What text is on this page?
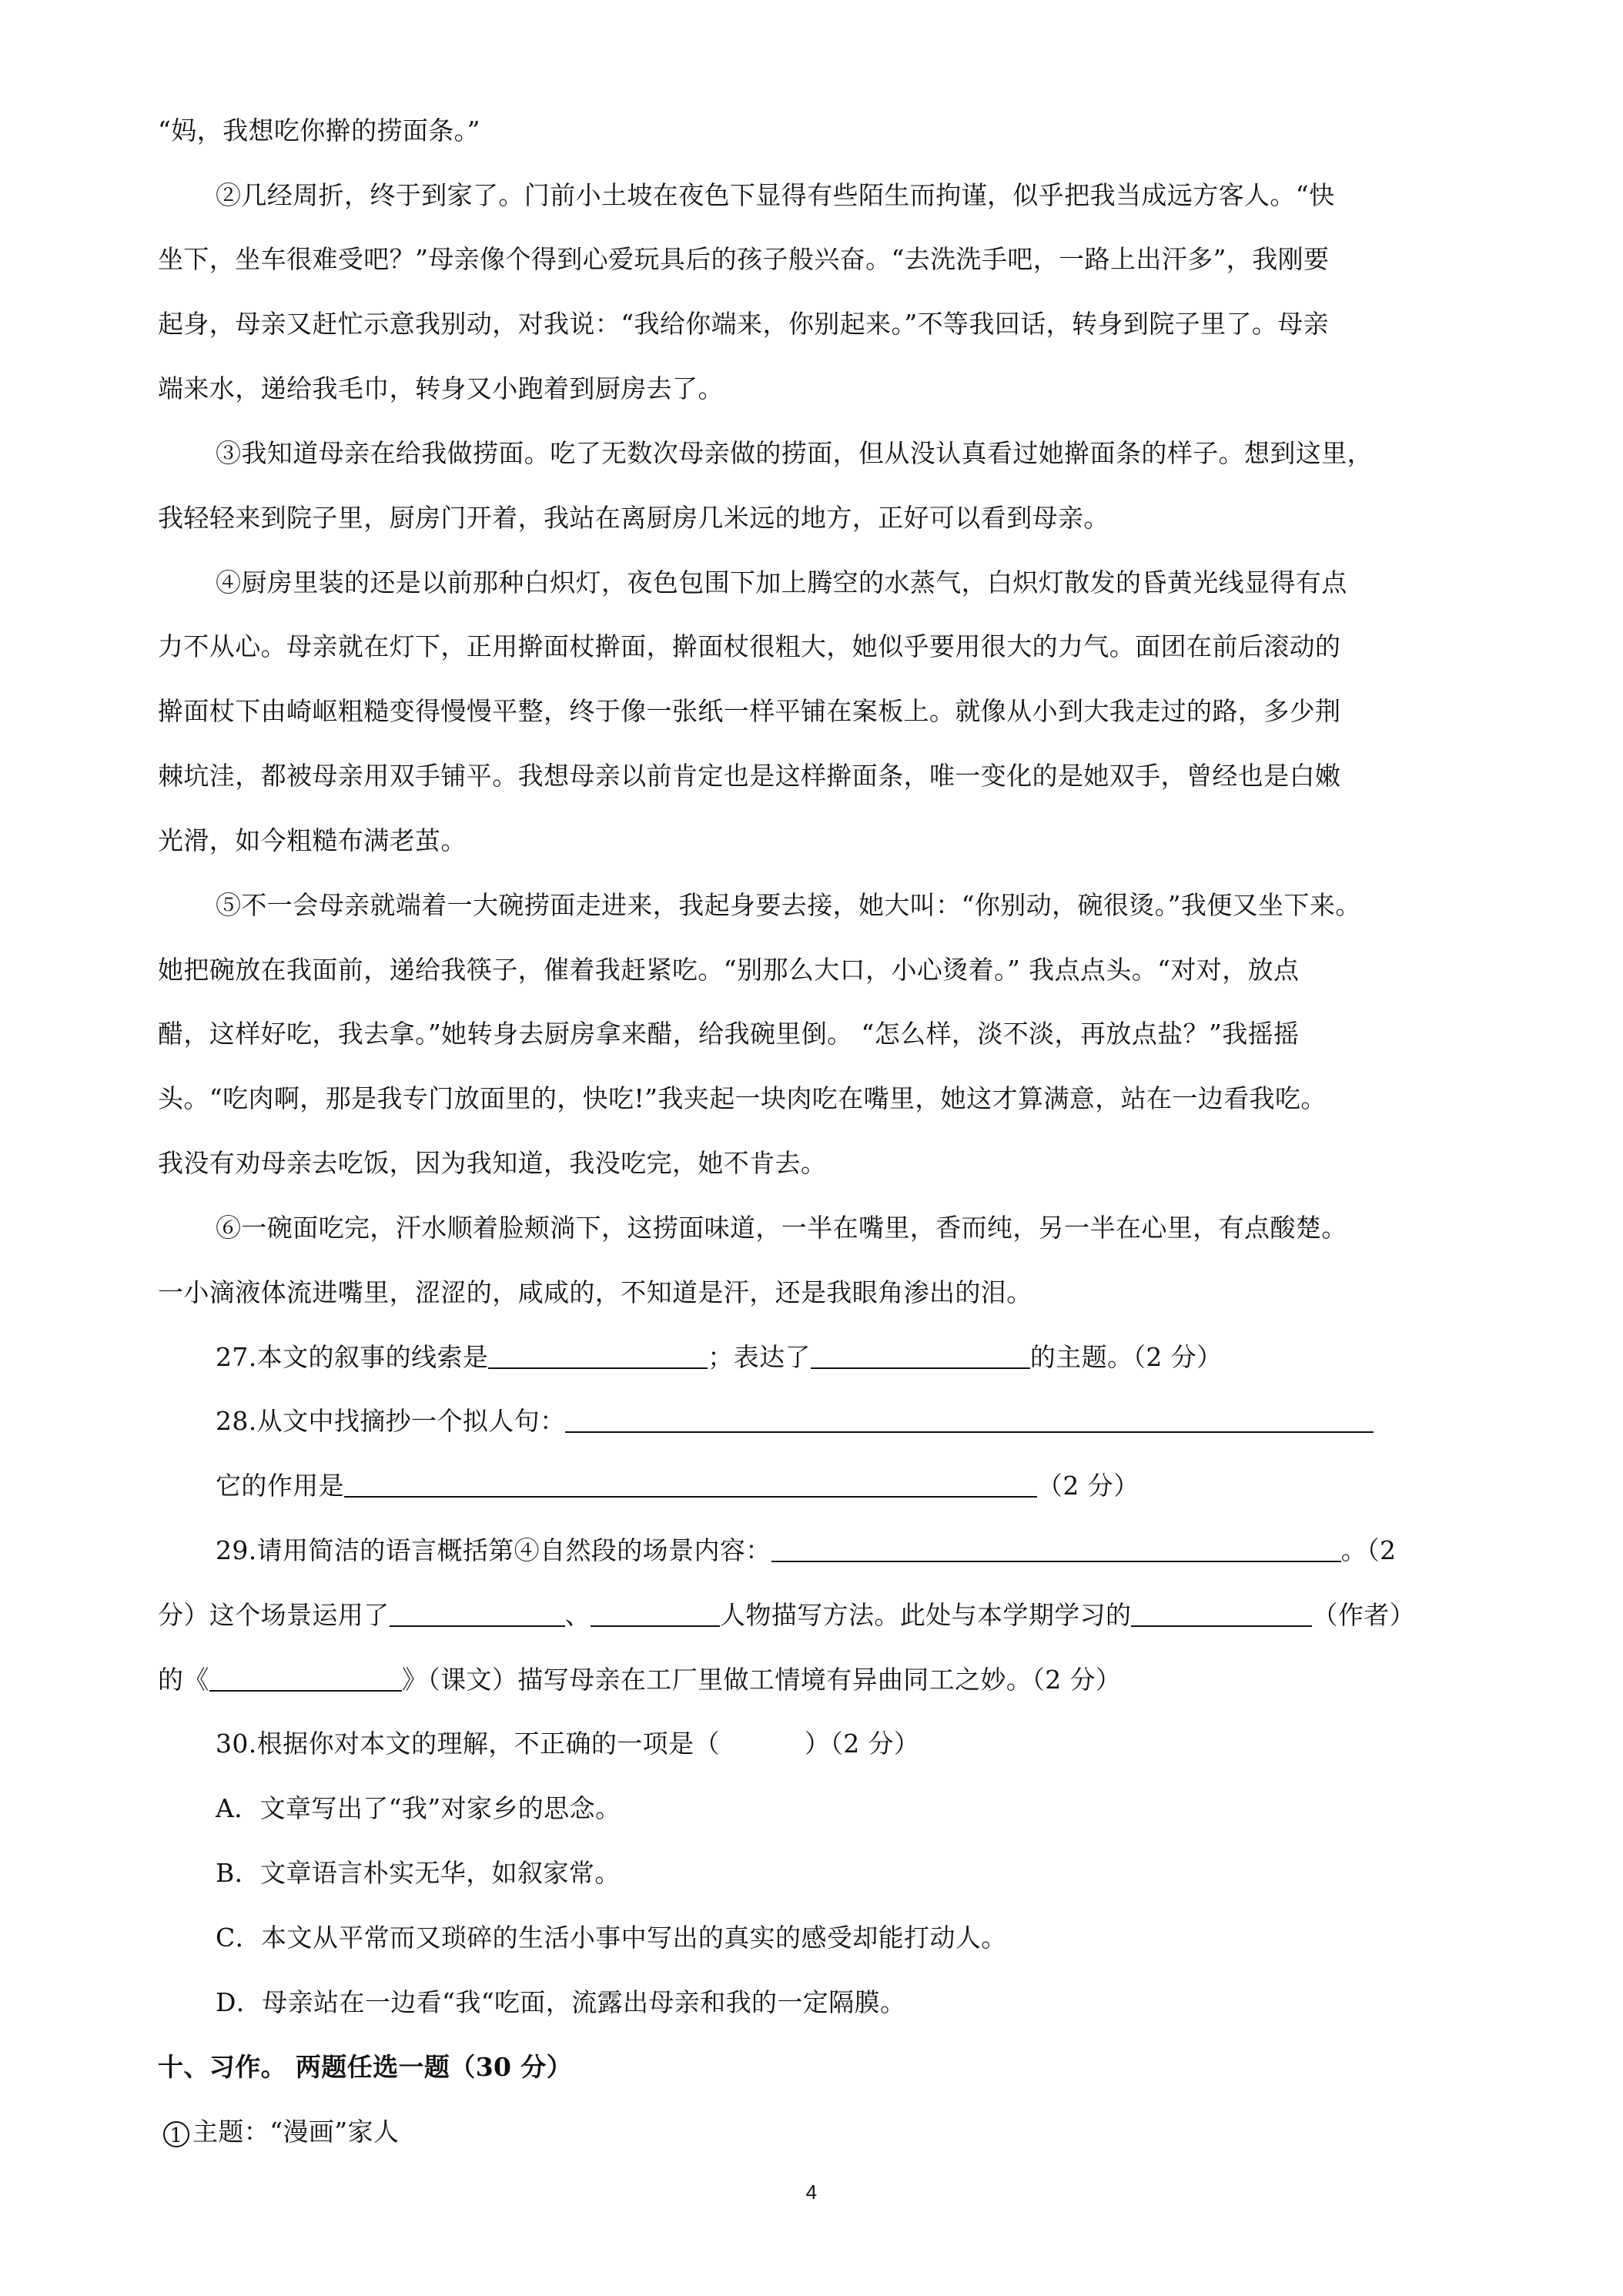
“妈，我想吃你擀的捞面条。”
②几经周折，终于到家了。门前小土坡在夜色下显得有些陌生而拘谨，似乎把我当成远方客人。“快
坐下，坐车很难受吧？”母亲像个得到心爱玩具后的孩子般兴奋。“去洗洗手吧，一路上出汗多”，我刚要
起身，母亲又赶忙示意我别动，对我说：“我给你端来，你别起来。”不等我回话，转身到院子里了。母亲
端来水，递给我毛巾，转身又小跑着到厨房去了。
③我知道母亲在给我做捞面。吃了无数次母亲做的捞面，但从没认真看过她擀面条的样子。想到这里，
我轻轻来到院子里，厨房门开着，我站在离厨房几米远的地方，正好可以看到母亲。
④厨房里装的还是以前那种白炽灯，夜色包围下加上腾空的水蒸气，白炽灯散发的昏黄光线显得有点
力不从心。母亲就在灯下，正用擀面杖擀面，擀面杖很粗大，她似乎要用很大的力气。面团在前后滚动的
擀面杖下由崎岖粗糙变得慢慢平整，终于像一张纸一样平铺在案板上。就像从小到大我走过的路，多少荆
棘坑洼，都被母亲用双手铺平。我想母亲以前肯定也是这样擀面条，唯一变化的是她双手，曾经也是白嫩
光滑，如今粗糙布满老茧。
⑤不一会母亲就端着一大碗捞面走进来，我起身要去接，她大叫：“你别动，碗很烫。”我便又坐下来。
她把碗放在我面前，递给我筷子，催着我赶紧吃。“别那么大口，小心烫着。” 我点点头。“对对，放点
醋，这样好吃，我去拿。”她转身去厨房拿来醋，给我碗里倒。 “怎么样，淡不淡，再放点盐？”我摇摇
头。“吃肉啊，那是我专门放面里的，快吃!”我夹起一块肉吃在嘴里，她这才算满意，站在一边看我吃。
我没有劝母亲去吃饭，因为我知道，我没吃完，她不肯去。
⑥一碗面吃完，汗水顺着脸颊淌下，这捞面味道，一半在嘴里，香而纯，另一半在心里，有点酸楚。
一小滴液体流进嘴里，涩涩的，咸咸的，不知道是汗，还是我眼角渗出的泪。
27.本文的叙事的线索是	；表达了	的主题。（2 分）
28.从文中找摘抄一个拟人句：
它的作用是	（2 分）
29.请用简洁的语言概括第④自然段的场景内容：	。（2
分）这个场景运用了	、	人物描写方法。此处与本学期学习的	（作者）
的《	》（课文）描写母亲在工厂里做工情境有异曲同工之妙。（2 分）
30.根据你对本文的理解，不正确的一项是（	）（2 分）
A．文章写出了“我”对家乡的思念。
B．文章语言朴实无华，如叙家常。
C．本文从平常而又琐碎的生活小事中写出的真实的感受却能打动人。
D．母亲站在一边看“我“吃面，流露出母亲和我的一定隔膜。
十、习作。 两题任选一题（30 分）
1 主题：“漫画”家人
4
